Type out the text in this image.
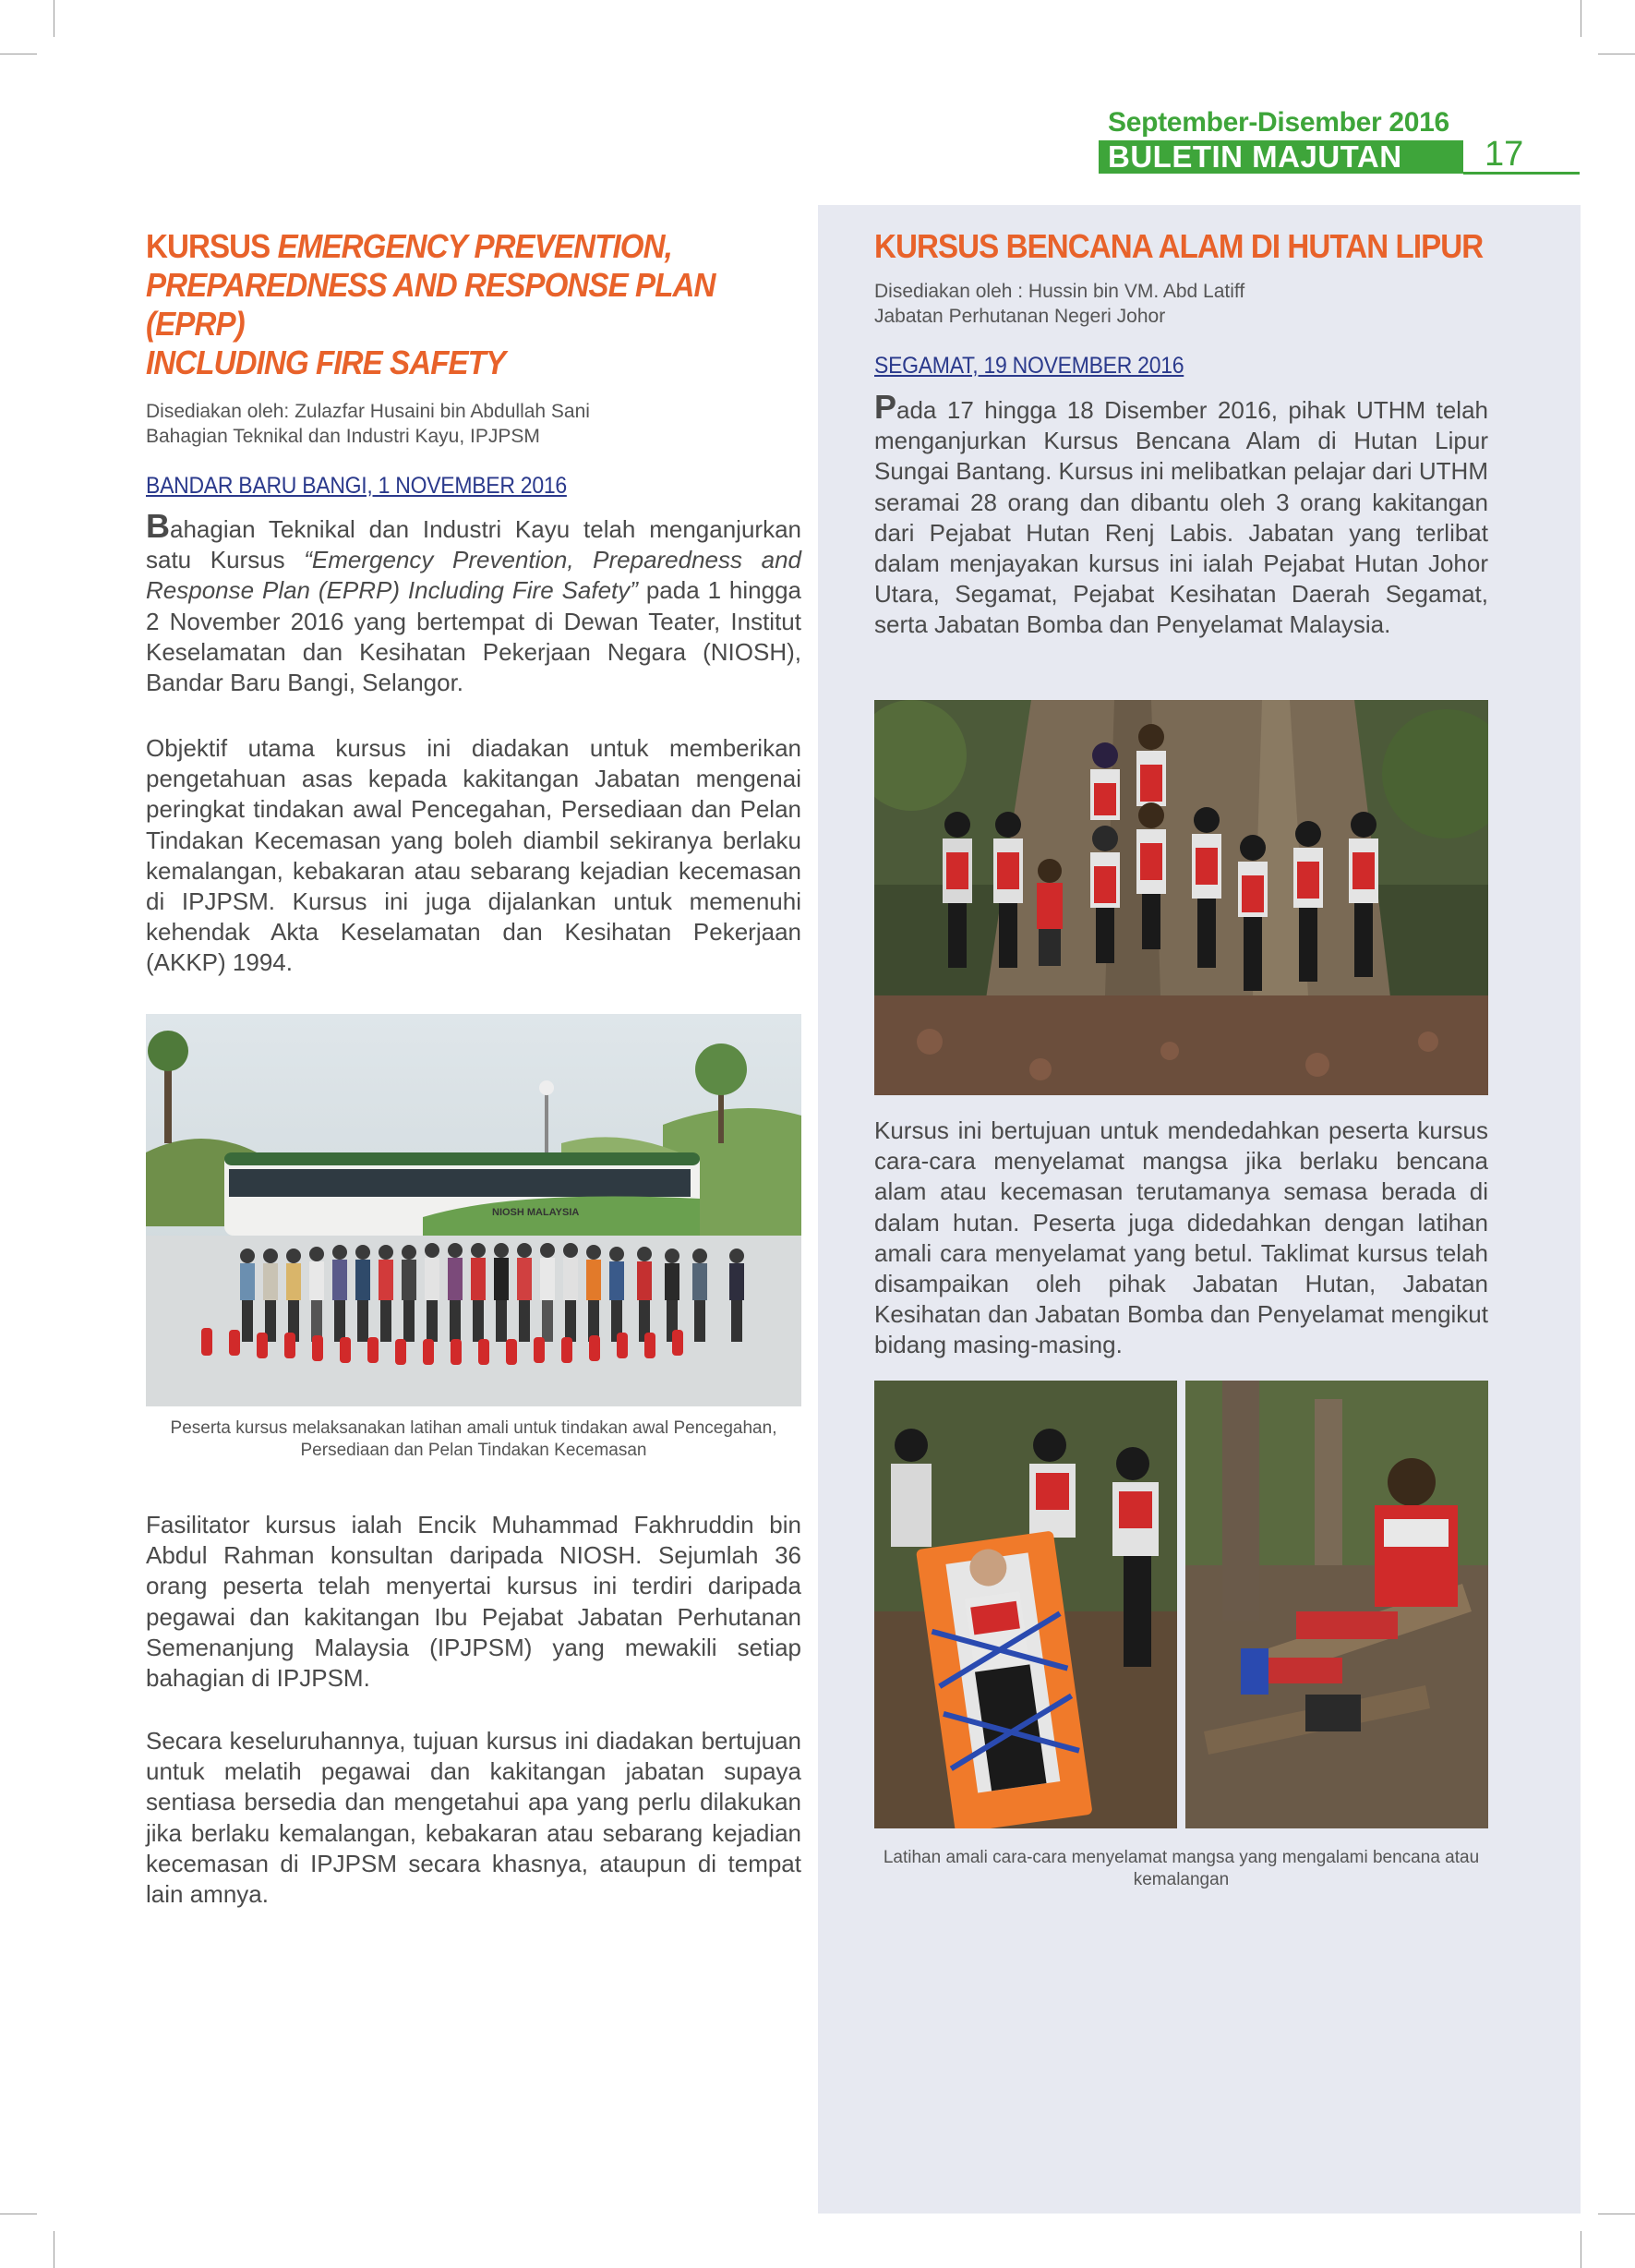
September-Disember 2016
BULETIN MAJUTAN 17
KURSUS EMERGENCY PREVENTION,
PREPAREDNESS AND RESPONSE PLAN (EPRP)
INCLUDING FIRE SAFETY
Disediakan oleh: Zulazfar Husaini bin Abdullah Sani
Bahagian Teknikal dan Industri Kayu, IPJPSM
BANDAR BARU BANGI, 1 NOVEMBER 2016

Bahagian Teknikal dan Industri Kayu telah menganjurkan satu Kursus “Emergency Prevention, Preparedness and Response Plan (EPRP) Including Fire Safety” pada 1 hingga 2 November 2016 yang bertempat di Dewan Teater, Institut Keselamatan dan Kesihatan Pekerjaan Negara (NIOSH), Bandar Baru Bangi, Selangor.

Objektif utama kursus ini diadakan untuk memberikan pengetahuan asas kepada kakitangan Jabatan mengenai peringkat tindakan awal Pencegahan, Persediaan dan Pelan Tindakan Kecemasan yang boleh diambil sekiranya berlaku kemalangan, kebakaran atau sebarang kejadian kecemasan di IPJPSM. Kursus ini juga dijalankan untuk memenuhi kehendak Akta Keselamatan dan Kesihatan Pekerjaan (AKKP) 1994.

NIOSH MALAYSIA
Peserta kursus melaksanakan latihan amali untuk tindakan awal Pencegahan,
Persediaan dan Pelan Tindakan Kecemasan

Fasilitator kursus ialah Encik Muhammad Fakhruddin bin Abdul Rahman konsultan daripada NIOSH. Sejumlah 36 orang peserta telah menyertai kursus ini terdiri daripada pegawai dan kakitangan Ibu Pejabat Jabatan Perhutanan Semenanjung Malaysia (IPJPSM) yang mewakili setiap bahagian di IPJPSM.

Secara keseluruhannya, tujuan kursus ini diadakan bertujuan untuk melatih pegawai dan kakitangan jabatan supaya sentiasa bersedia dan mengetahui apa yang perlu dilakukan jika berlaku kemalangan, kebakaran atau sebarang kejadian kecemasan di IPJPSM secara khasnya, ataupun di tempat lain amnya.

KURSUS BENCANA ALAM DI HUTAN LIPUR
Disediakan oleh : Hussin bin VM. Abd Latiff
Jabatan Perhutanan Negeri Johor
SEGAMAT, 19 NOVEMBER 2016

Pada 17 hingga 18 Disember 2016, pihak UTHM telah menganjurkan Kursus Bencana Alam di Hutan Lipur Sungai Bantang. Kursus ini melibatkan pelajar dari UTHM seramai 28 orang dan dibantu oleh 3 orang kakitangan dari Pejabat Hutan Renj Labis. Jabatan yang terlibat dalam menjayakan kursus ini ialah Pejabat Hutan Johor Utara, Segamat, Pejabat Kesihatan Daerah Segamat, serta Jabatan Bomba dan Penyelamat Malaysia.

Kursus ini bertujuan untuk mendedahkan peserta kursus cara-cara menyelamat mangsa jika berlaku bencana alam atau kecemasan terutamanya semasa berada di dalam hutan. Peserta juga didedahkan dengan latihan amali cara menyelamat yang betul. Taklimat kursus telah disampaikan oleh pihak Jabatan Hutan, Jabatan Kesihatan dan Jabatan Bomba dan Penyelamat mengikut bidang masing-masing.

Latihan amali cara-cara menyelamat mangsa yang mengalami bencana atau
kemalangan
